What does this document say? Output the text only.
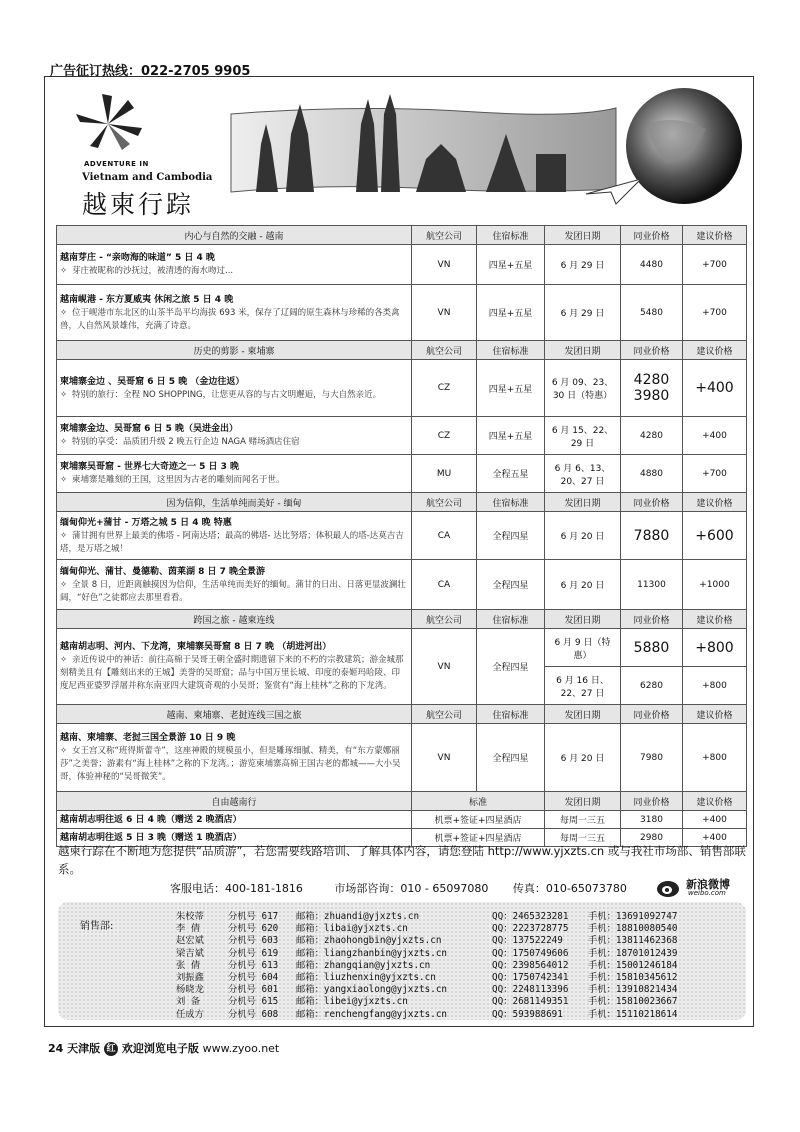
广告征订热线：022-2705 9905
ADVENTURE IN
Vietnam and Cambodia
越柬行踪
内心与自然的交融 - 越南	航空公司	住宿标准	发团日期	同业价格	建议价格

越南芽庄 - “亲吻海的味道” 5 日 4 晚
✧ 芽庄被昵称的沙抚过，被清透的海水吻过...	VN	四星+五星	6 月 29 日	4480	+700

越南岘港 - 东方夏威夷 休闲之旅 5 日 4 晚
✧ 位于岘港市东北区的山茶半岛平均海拔 693 米，保存了辽阔的原生森林与珍稀的各类禽兽，人自然风景雄伟，充满了诗意。	VN	四星+五星	6 月 29 日	5480	+700
历史的剪影 - 柬埔寨	航空公司	住宿标准	发团日期	同业价格	建议价格

柬埔寨金边 、吴哥窟 6 日 5 晚 （金边往返）
✧ 特别的旅行：全程 NO SHOPPING，让您更从容的与古文明邂逅，与大自然亲近。	CZ	四星+五星	6 月 09、23、30 日（特惠）	4280 3980	+400

柬埔寨金边、吴哥窟 6 日 5 晚（吴进金出）
✧ 特别的享受：品质团升级 2 晚五行企边 NAGA 赌场酒店住宿	CZ	四星+五星	6 月 15、22、29 日	4280	+400

柬埔寨吴哥窟 - 世界七大奇迹之一 5 日 3 晚
✧ 柬埔寨是雕刻的王国，这里因为古老的雕刻而闻名于世。	MU	全程五星	6 月 6、13、20、27 日	4880	+700
因为信仰，生活单纯而美好 - 缅甸	航空公司	住宿标准	发团日期	同业价格	建议价格

缅甸仰光+蒲甘 - 万塔之城 5 日 4 晚 特惠
✧ 蒲甘拥有世界上最美的佛塔 - 阿南达塔；最高的佛塔- 达比努塔；体积最人的塔-达莫吉吉塔，是万塔之城！	CA	全程四星	6 月 20 日	7880	+600

缅甸仰光、蒲甘、曼德勒、茵莱湖 8 日 7 晚全景游
✧ 全景 8 日，近距离触摸因为信仰，生活单纯而美好的缅甸。蒲甘的日出、日落更显波澜壮阔，“好色”之徒都应去那里看看。	CA	全程四星	6 月 20 日	11300	+1000
跨国之旅 - 越柬连线	航空公司	住宿标准	发团日期	同业价格	建议价格

越南胡志明、河内、下龙湾，柬埔寨吴哥窟 8 日 7 晚 （胡进河出）
✧ 亲近传说中的神话：前往高棉于吴哥王朝全盛时期遗留下来的不朽的宗教建筑；游金城那刻精美且有【雕刻出来的王城】美誉的吴哥窟；品与中国万里长城、印度的泰姬玛哈陵、印度尼西亚婆罗浮屠并称东南亚四大建筑奇观的小吴哥；鉴赏有“海上桂林”之称的下龙湾。	VN	全程四星	6 月 9 日（特惠）	5880	+800
			6 月 16 日、22、27 日	6280	+800
越南、柬埔寨、老挝连线三国之旅	航空公司	住宿标准	发团日期	同业价格	建议价格

越南、柬埔寨、老挝三国全景游 10 日 9 晚
✧ 女王宫又称“班得斯蕾寺”，这座神殿的规模虽小，但是雕琢细腻、精美，有“东方蒙娜丽莎”之美誉；游素有“海上桂林”之称的下龙湾。；游览柬埔寨高棉王国古老的都城——大小吴哥，体验神秘的“吴哥微笑”。	VN	全程四星	6 月 20 日	7980	+800
自由越南行	标准		发团日期	同业价格	建议价格
越南胡志明往返 6 日 4 晚（赠送 2 晚酒店）	机票+签证+四星酒店		每周一三五	3180	+400
越南胡志明往返 5 日 3 晚（赠送 1 晚酒店）	机票+签证+四星酒店		每周一三五	2980	+400
越柬行踪在不断地为您提供“品质游”，若您需要线路培训、了解具体内容，请您登陆 http://www.yjxzts.cn 或与我社市场部、销售部联系。
客服电话：400-181-1816	市场部咨询：010 - 65097080 传真：010-65073780	新浪微博
weibo.com
销售部:
朱校蒂	分机号 617 邮箱：zhuandi@yjxzts.cn	QQ：2465323281 手机：13691092747
李 倩	分机号 620 邮箱：libai@yjxzts.cn	QQ：2223728775 手机：18810080540
赵宏斌	分机号 603 邮箱：zhaohongbin@yjxzts.cn	QQ：137522249	手机：13811462368
梁吉斌	分机号 619 邮箱：liangzhanbin@yjxzts.cn	QQ：1750749606 手机：18701012439
张 倩	分机号 613 邮箱：zhangqian@yjxzts.cn	QQ：2398564012 手机：15001246184
刘振鑫	分机号 604 邮箱：liuzhenxin@yjxzts.cn	QQ：1750742341 手机：15810345612
杨晓龙	分机号 601 邮箱：yangxiaolong@yjxzts.cn	QQ：2248113396 手机：13910821434
刘 备	分机号 615 邮箱：libei@yjxzts.cn	QQ：2681149351 手机：15810023667
任成方	分机号 608 邮箱：renchengfang@yjxzts.cn	QQ：593988691	手机：15110218614
24 天津版 红 欢迎浏览电子版 www.zyoo.net
